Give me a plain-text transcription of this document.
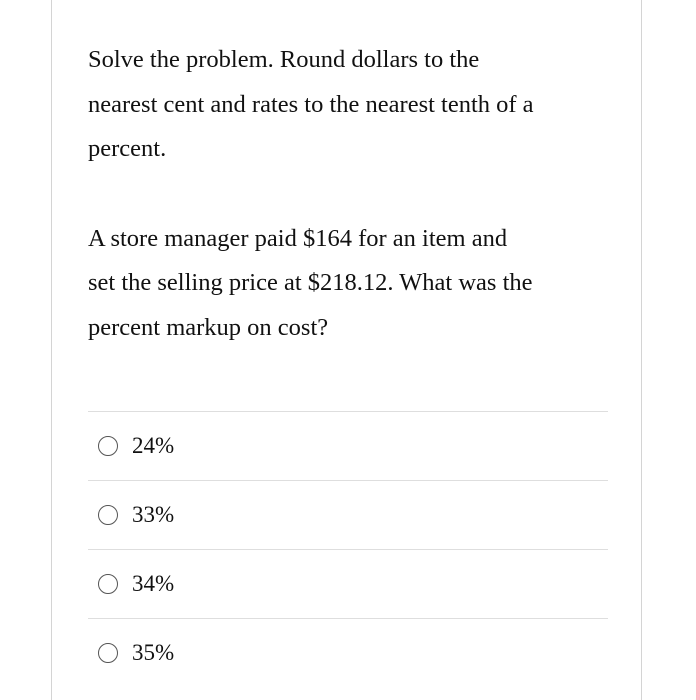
Solve the problem. Round dollars to the
nearest cent and rates to the nearest tenth of a
percent.

A store manager paid $164 for an item and
set the selling price at $218.12. What was the
percent markup on cost?

24%
33%
34%
35%
